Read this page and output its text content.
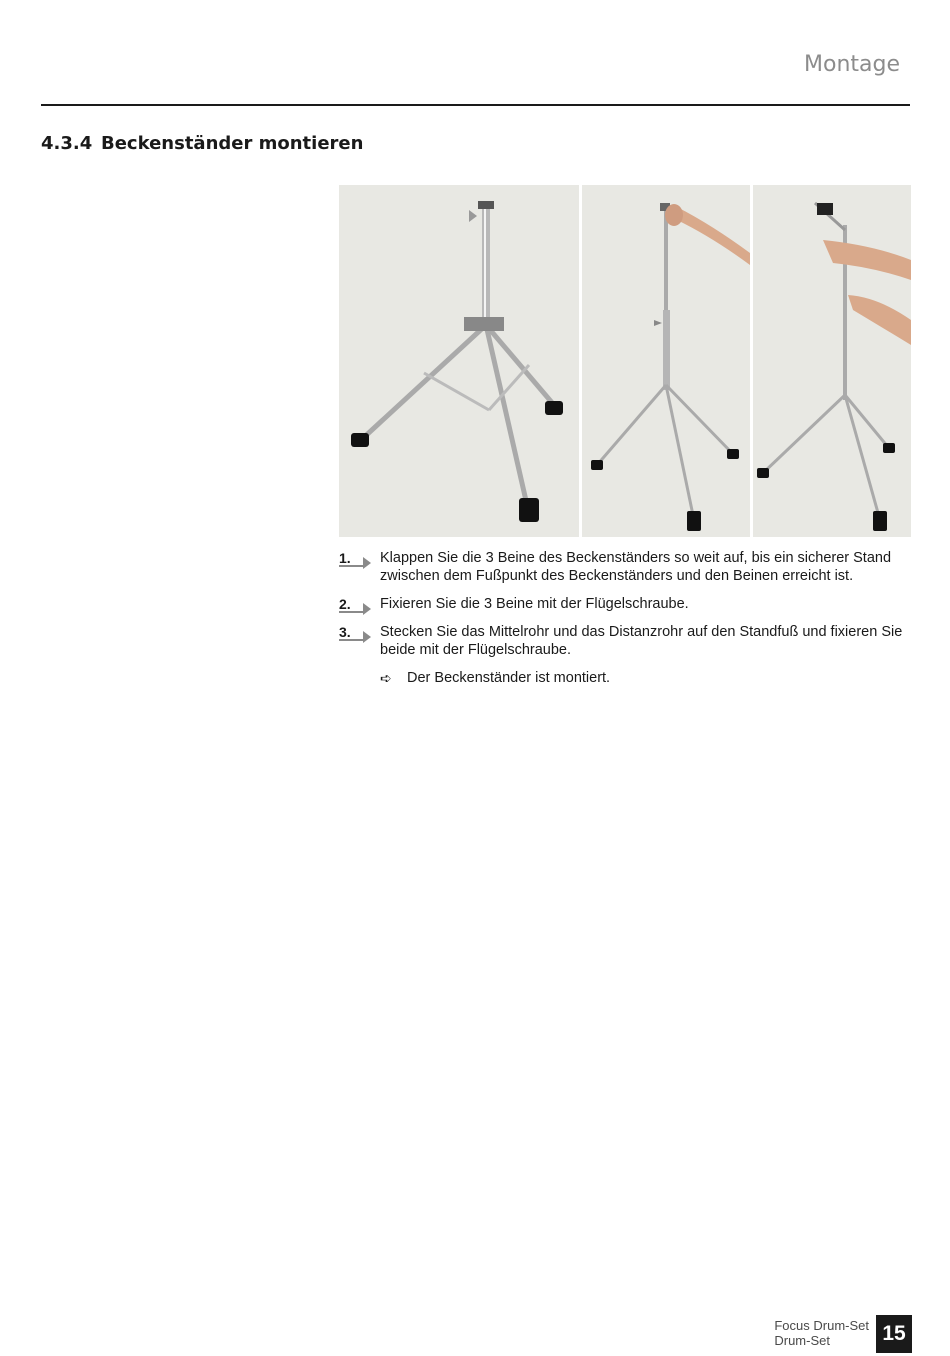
Montage
4.3.4 Beckenständer montieren
1. Klappen Sie die 3 Beine des Beckenständers so weit auf, bis ein sicherer Stand zwischen dem Fußpunkt des Beckenständers und den Beinen erreicht ist.
2. Fixieren Sie die 3 Beine mit der Flügelschraube.
3. Stecken Sie das Mittelrohr und das Distanzrohr auf den Standfuß und fixieren Sie beide mit der Flügelschraube.
➪ Der Beckenständer ist montiert.
Focus Drum-Set
Drum-Set	15
